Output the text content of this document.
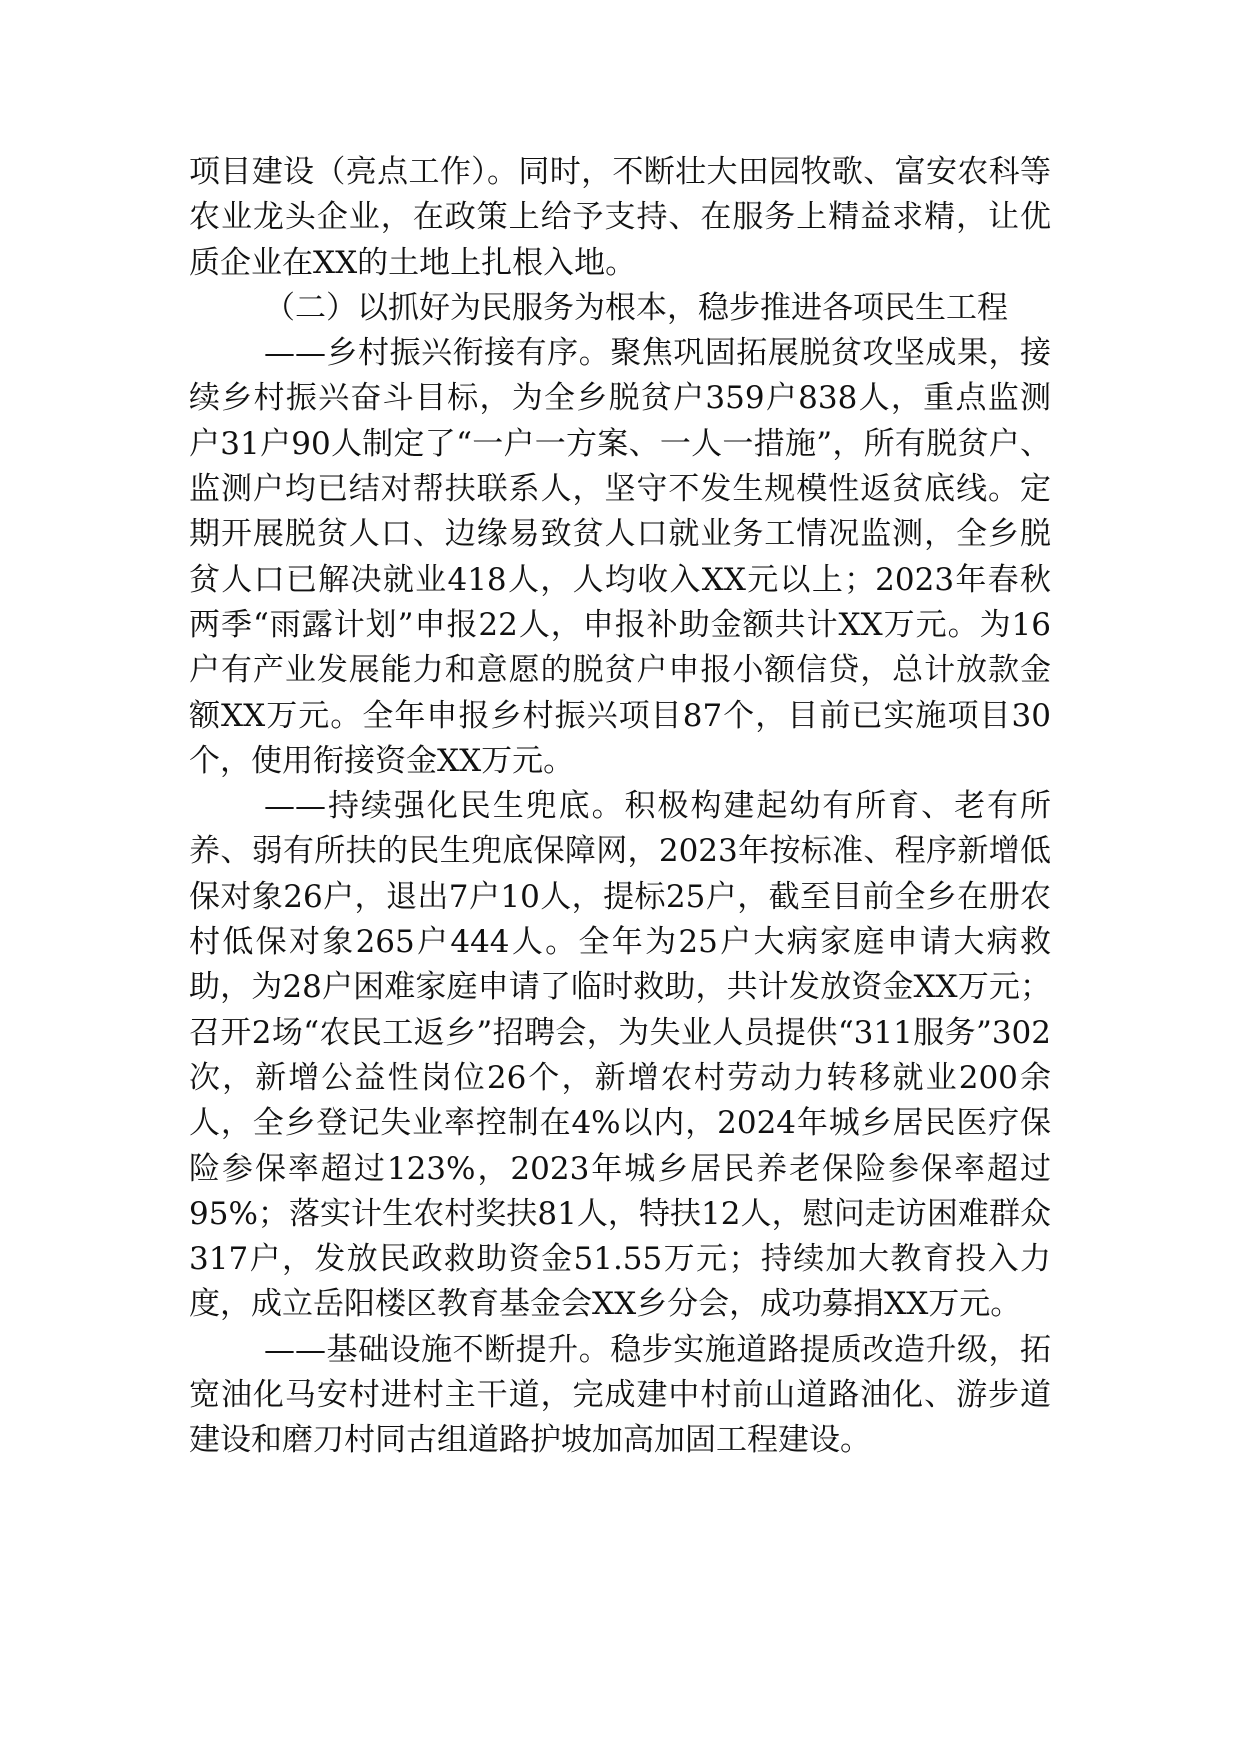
项目建设（亮点工作）。同时，不断壮大田园牧歌、富安农科等农业龙头企业，在政策上给予支持、在服务上精益求精，让优质企业在XX的土地上扎根入地。

（二）以抓好为民服务为根本，稳步推进各项民生工程

——乡村振兴衔接有序。聚焦巩固拓展脱贫攻坚成果，接续乡村振兴奋斗目标，为全乡脱贫户359户838人，重点监测户31户90人制定了“一户一方案、一人一措施”，所有脱贫户、监测户均已结对帮扶联系人，坚守不发生规模性返贫底线。定期开展脱贫人口、边缘易致贫人口就业务工情况监测，全乡脱贫人口已解决就业418人，人均收入XX元以上；2023年春秋两季“雨露计划”申报22人，申报补助金额共计XX万元。为16户有产业发展能力和意愿的脱贫户申报小额信贷，总计放款金额XX万元。全年申报乡村振兴项目87个，目前已实施项目30个，使用衔接资金XX万元。

——持续强化民生兜底。积极构建起幼有所育、老有所养、弱有所扶的民生兜底保障网，2023年按标准、程序新增低保对象26户，退出7户10人，提标25户，截至目前全乡在册农村低保对象265户444人。全年为25户大病家庭申请大病救助，为28户困难家庭申请了临时救助，共计发放资金XX万元；召开2场“农民工返乡”招聘会，为失业人员提供“311服务”302次，新增公益性岗位26个，新增农村劳动力转移就业200余人，全乡登记失业率控制在4%以内，2024年城乡居民医疗保险参保率超过123%，2023年城乡居民养老保险参保率超过95%；落实计生农村奖扶81人，特扶12人，慰问走访困难群众317户，发放民政救助资金51.55万元；持续加大教育投入力度，成立岳阳楼区教育基金会XX乡分会，成功募捐XX万元。

——基础设施不断提升。稳步实施道路提质改造升级，拓宽油化马安村进村主干道，完成建中村前山道路油化、游步道建设和磨刀村同古组道路护坡加高加固工程建设。
